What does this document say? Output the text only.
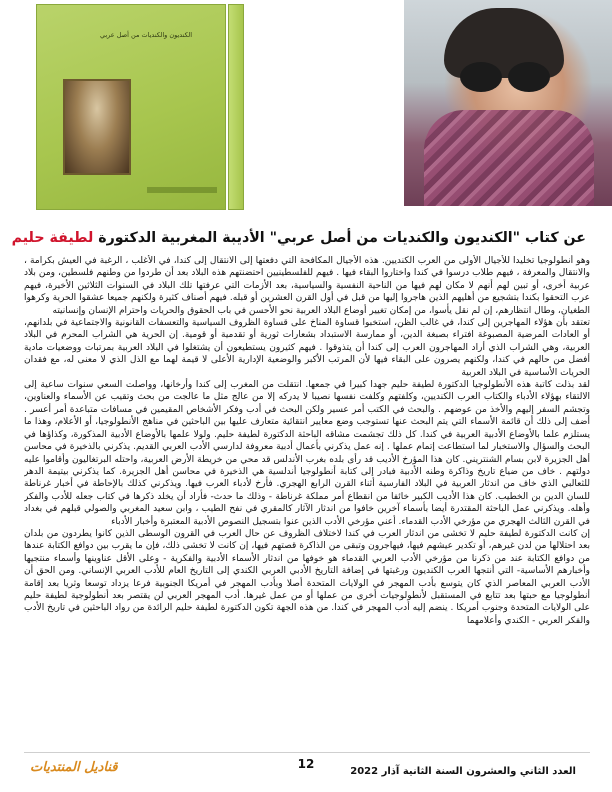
الكنديون والكنديات من أصل عربي
عن كتاب "الكنديون والكنديات من أصل عربي" الأديبة المغربية الدكتورة لطيفة حليم

وهو أنطولوجيا تخليدا للأجيال الأولى من العرب الكنديين. هذه الأجيال المكافحة التي دفعتها إلى الانتقال إلى كندا، في الأغلب ، الرغبة في العيش بكرامة ، والانتقال والمعرفة ، فيهم طلاب درسوا في كندا واختاروا البقاء فيها . فيهم للفلسطينيين احتضنتهم هذه البلاد بعد أن طردوا من وطنهم فلسطين، ومن بلاد عربية أخرى، أو تبين لهم أنهم لا مكان لهم فيها من الناحية النفسية والسياسية، بعد الأزمات التي عرفتها تلك البلاد في السنوات الثلاثين الأخيرة، فيهم عرب التحقوا بكندا بتشجيع من أهليهم الذين هاجروا إليها من قبل في أول القرن العشرين أو قبله. فيهم أصناف كثيرة ولكنهم جميعا عشقوا الحرية وكرهوا الطغيان، وطال انتظارهم، إن لم نقل يأسوا، من إمكان تغيير أوضاع البلاد العربية نحو الأحسن في باب الحقوق والحريات واحترام الإنسان وإنسانيته

تعتقد بأن هؤلاء المهاجرين إلى كندا، في غالب الظن، استخبوا قساوة المناخ على قساوة الظروف السياسية والتعسفات القانونية والاجتماعية في بلدانهم، أو العادات المرضية المصبوغة افتراء بصبغة الدين، أو ممارسة الاستبداد بشعارات ثورية أو تقدمية أو قومية. إن الحرية هي الشراب المحرم في البلاد العربية، وهي الشراب الذي أراد المهاجرون العرب إلى كندا أن يتذوقوا . فيهم كثيرون يستطيعون أن يشتغلوا في البلاد العربية بمرتبات ووضعيات مادية أفضل من حالهم في كندا، ولكنهم يصرون على البقاء فيها لأن المرتب الأكبر والوضعية الإدارية الأعلى لا قيمة لهما مع الذل الذي لا معنى له، مع فقدان الحريات الأساسية في البلاد العربية

لقد بذلت كاتبة هذه الأنطولوجيا الدكتورة لطيفة حليم جهدا كبيرا في جمعها. انتقلت من المغرب إلى كندا وأرخانها، وواصلت السعي سنوات ساعية إلى الالتقاء بهؤلاء الأدباء والكتاب العرب الكنديين، وكلفتهم وكلفت نفسها نصيبا لا يدركه إلا من عالج مثل ما عالجت من بحث وتقيب عن الأسماء والعناوين، وتجشم السفر إليهم والأخذ من عوضهم . والبحث في الكتب أمر عسير ولكن البحث في أدب وفكر الأشخاص المقيمين في مسافات متباعدة أمر أعسر . أضف إلى ذلك أن قائمة الأسماء التي يتم البحث عنها تستوجب وضع معايير انتقائية متعارف عليها بين الباحثين في مناهج الأنطولوجيا، أو الأعلام، وهذا ما يستلزم علما بالأوضاع الأدبية العربية في كندا. كل ذلك تجشمت مشاقه الباحثة الدكتورة لطيفة حليم. ولولا علمها بالأوضاع الأدبية المذكورة، وكذاؤها في البحث والسؤال والاستخبار لما استطاعت إتمام عملها . إنه عمل يذكرني بأعمال أدبية معروفة لدارسي الأدب العربي القديم. يذكرني بالذخيرة في محاسن أهل الجزيرة لابن بسام الشنتريني. كان هذا المؤرخ الأديب قد رأى بلده بغرب الأندلس قد محي من خريطة الأرض العربية، واحتله البرتغاليون وأقاموا عليه دولتهم . خاف من ضياع تاريخ وذاكرة وطنه الأدبية فبادر إلى كتابة أنطولوجيا أندلسية هي الذخيرة في محاسن أهل الجزيرة. كما يذكرني بيتيمة الدهر للثعالبي الذي خاف من اندثار العربية في البلاد الفارسية أثناء القرن الرابع الهجري. فأرخ لأدباء العرب فيها. ويذكرني كذلك بالإحاطة في أخبار غرناطة للسان الدين بن الخطيب. كان هذا الأديب الكبير خائفا من انقطاع أمر مملكة غرناطة - وذلك ما حدث- فأراد أن يخلد ذكرها في كتاب جعله للأدب والفكر وأهله. ويذكرني عمل الباحثة المقتدرة أيضا بأسماء آخرين خافوا من اندثار الآثار كالمقري في نفح الطيب ، وابن سعيد المغربي والصولي قبلهم في بغداد في القرن الثالث الهجري من مؤرخي الأدب القدماء. أعني مؤرخي الأدب الذين عنوا بتسجيل النصوص الأدبية المعتبرة وأخبار الأدباء

إن كانت الدكتورة لطيفة حليم لا تخشى من اندثار العرب في كندا لاختلاف الظروف عن حال العرب في القرون الوسطى الذين كانوا يطردون من بلدان بعد احتلالها من لدن غيرهم، أو تكدير عيشهم فيها، فيهاجرون وتبقى من الذاكرة قصتهم فيها، إن كانت لا تخشى ذلك، فإن ما يقرب بين دوافع الكتابة عندها من دوافع الكتابة عند من ذكرنا من مؤرخي الأدب العربي القدماء هو خوفها من اندثار الأسماء الأدبية والفكرية - وعلى الأقل عناوينها وأسماء منتجيها وأخبارهم الأساسية- التي أنتجها العرب الكنديون ورغبتها في إضافة التاريخ الأدبي العربي الكندي إلى التاريخ العام للأدب العربي الإنساني. ومن الحق أن الأدب العربي المعاصر الذي كان يتوسع بأدب المهجر في الولايات المتحدة أصلا وبأدب المهجر في أمريكا الجنوبية فرعا يزداد توسعا وثريا بعد إقامة أنطولوجيا مع حبتها بعد تتابع في المستقبل لأنطولوجيات أخرى من عملها أو من عمل غيرها. أدب المهجر العربي لن يقتصر بعد أنطولوجية لطيفة حليم على الولايات المتحدة وجنوب أمريكا . ينضم إليه أدب المهجر في كندا. من هذه الجهة تكون الدكتورة لطيفة حليم الرائدة من رواد الباحثين في تاريخ الأدب والفكر العربي - الكندي وأعلامهما

قناديل المنتديات	12
العدد الثاني والعشرون السنة الثانية آذار 2022
